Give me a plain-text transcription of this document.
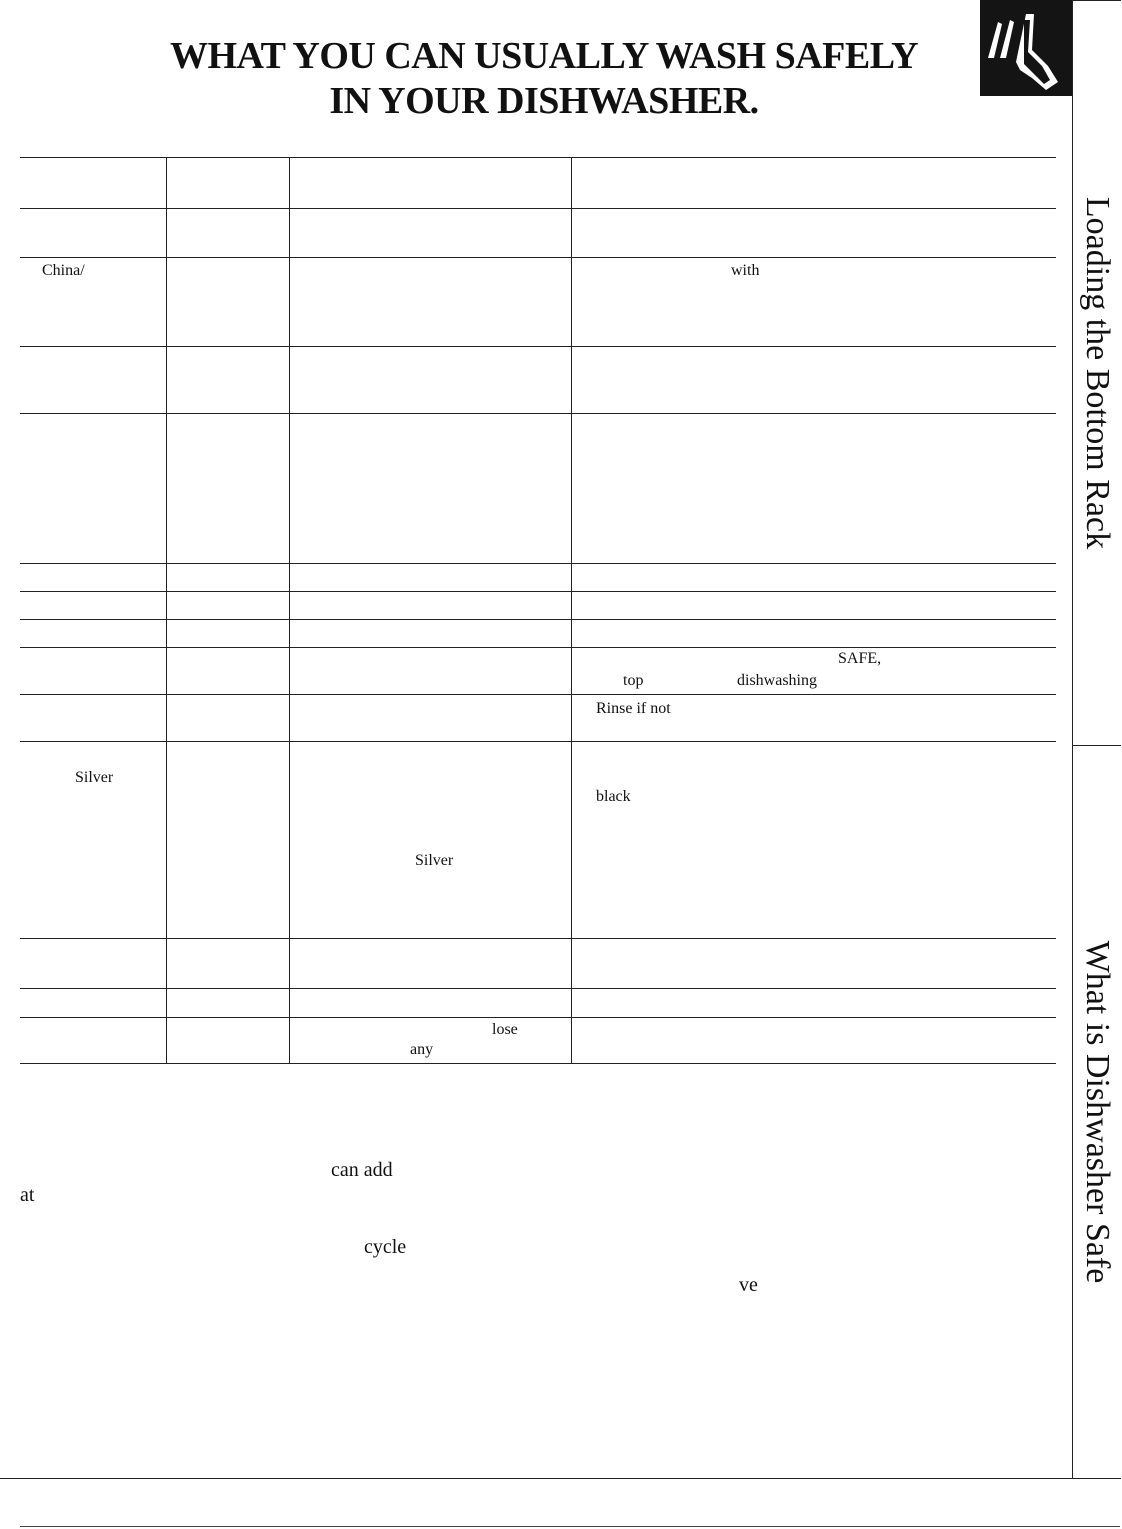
WHAT YOU CAN USUALLY WASH SAFELY
IN YOUR DISHWASHER.
Loading the Bottom Rack
What is Dishwasher Safe
China/	with
SAFE,
top	dishwashing
Rinse if not
Silver
black
Silver
lose
any
can add
at
cycle
ve
